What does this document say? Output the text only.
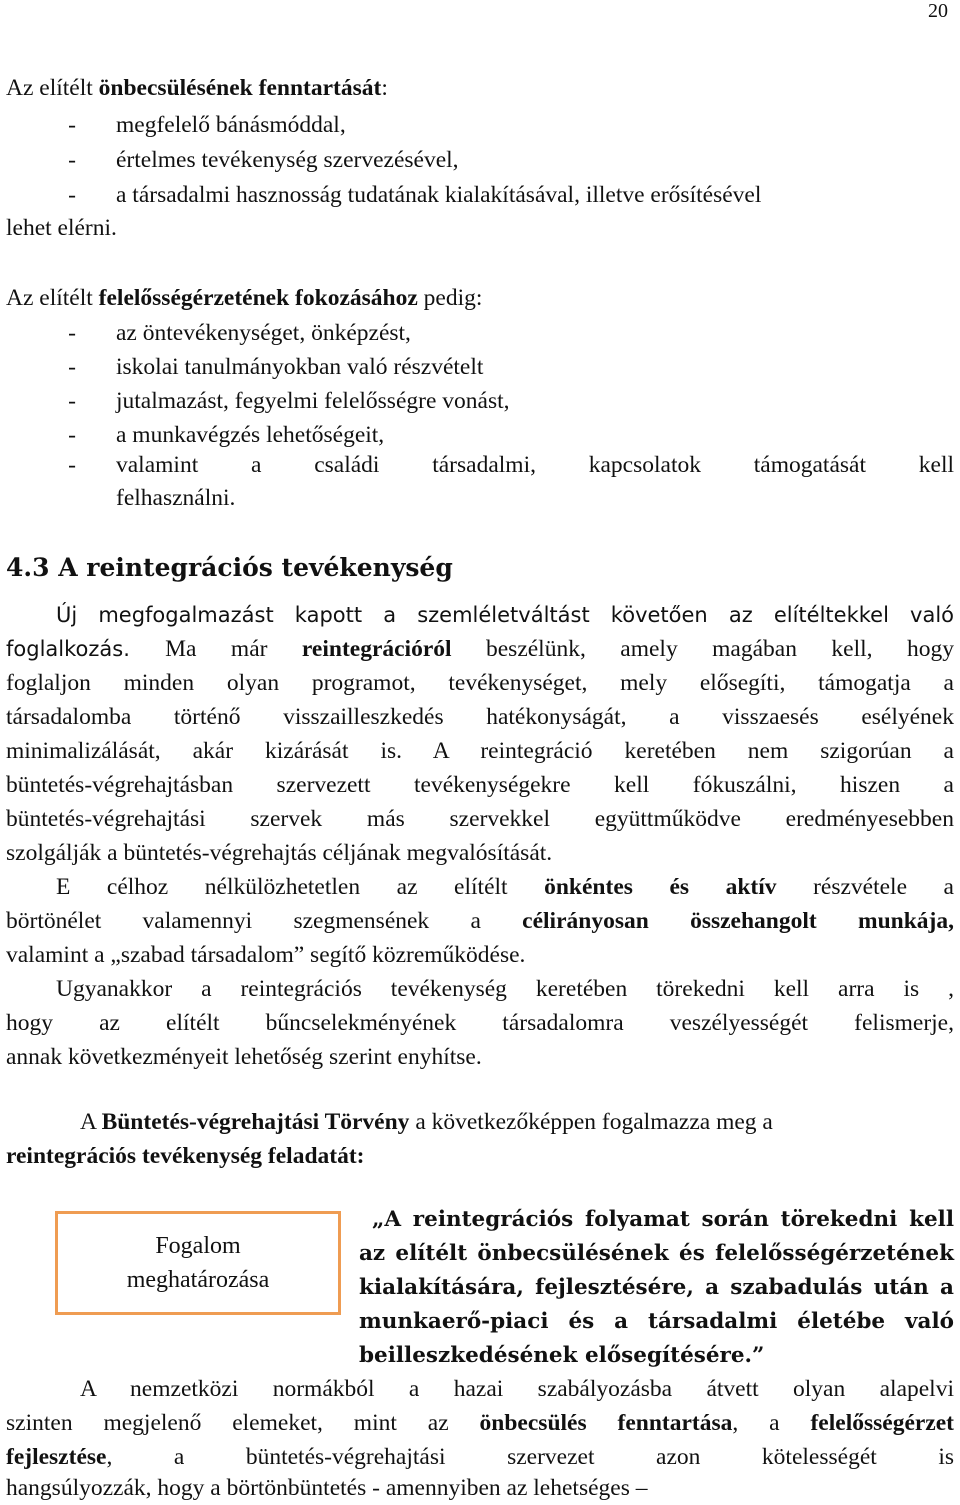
20
Az elítélt önbecsülésének fenntartását:
- megfelelő bánásmóddal,
- értelmes tevékenység szervezésével,
- a társadalmi hasznosság tudatának kialakításával, illetve erősítésével
lehet elérni.
Az elítélt felelősségérzetének fokozásához pedig:
- az öntevékenységet, önképzést,
- iskolai tanulmányokban való részvételt
- jutalmazást, fegyelmi felelősségre vonást,
- a munkavégzés lehetőségeit,
- valamint a családi társadalmi, kapcsolatok támogatását kell
felhasználni.
4.3 A reintegrációs tevékenység
Új megfogalmazást kapott a szemléletváltást követően az elítéltekkel való
foglalkozás. Ma már reintegrációról beszélünk, amely magában kell, hogy
foglaljon minden olyan programot, tevékenységet, mely elősegíti, támogatja a
társadalomba történő visszailleszkedés hatékonyságát, a visszaesés esélyének
minimalizálását, akár kizárását is. A reintegráció keretében nem szigorúan a
büntetés-végrehajtásban szervezett tevékenységekre kell fókuszálni, hiszen a
büntetés-végrehajtási szervek más szervekkel együttműködve eredményesebben
szolgálják a büntetés-végrehajtás céljának megvalósítását.
E célhoz nélkülözhetetlen az elítélt önkéntes és aktív részvétele a
börtönélet valamennyi szegmensének a célirányosan összehangolt munkája,
valamint a „szabad társadalom” segítő közreműködése.
Ugyanakkor a reintegrációs tevékenység keretében törekedni kell arra is ,
hogy az elítélt bűncselekményének társadalomra veszélyességét felismerje,
annak következményeit lehetőség szerint enyhítse.
A Büntetés-végrehajtási Törvény a következőképpen fogalmazza meg a
reintegrációs tevékenység feladatát:
Fogalom
meghatározása
„A reintegrációs folyamat során törekedni kell
az elítélt önbecsülésének és felelősségérzetének
kialakítására, fejlesztésére, a szabadulás után a
munkaerő-piaci és a társadalmi életébe való
beilleszkedésének elősegítésére.”
A nemzetközi normákból a hazai szabályozásba átvett olyan alapelvi
szinten megjelenő elemeket, mint az önbecsülés fenntartása, a felelősségérzet
fejlesztése, a büntetés-végrehajtási szervezet azon kötelességét is
hangsúlyozzák, hogy a börtönbüntetés - amennyiben az lehetséges –
